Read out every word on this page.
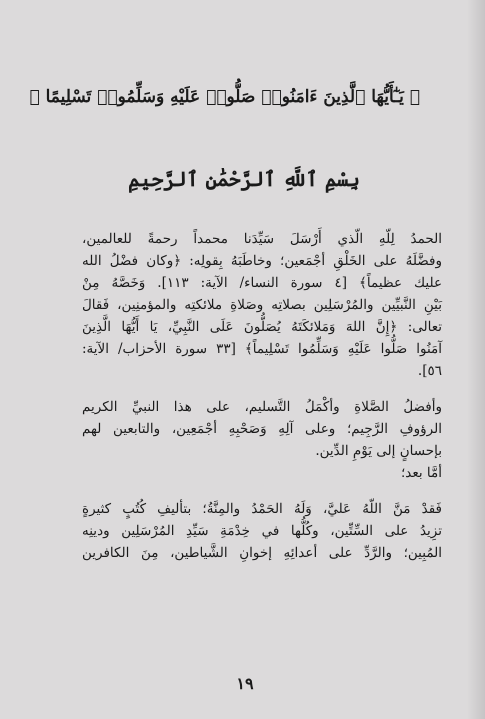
﴿ يَـٰٓأَيُّهَا ٱلَّذِينَ ءَامَنُوا۟ صَلُّوا۟ عَلَيْهِ وَسَلِّمُوا۟ تَسْلِيمًا ﴾
بِسْمِ ٱللَّهِ ٱلرَّحْمَٰنِ ٱلرَّحِيمِ
الحمدُ لِلّهِ الّذي أَرْسَلَ سَيِّدَنا محمداً رحمةً للعالمين،
وفضَّلَهُ على الخَلْقِ أجْمَعين؛ وخاطَبَهُ بِقولِه: ﴿وكان فضْلُ الله
عليك عظيماً﴾ [٤ سورة النساء/ الآية: ١١٣]. وَخَصَّهُ مِنْ
بَيْنِ النَّبيِّين والمُرْسَلِين بصلاتِه وصَلاةِ ملائكتِه والمؤمنِين، فَقالَ
تعالى: ﴿إِنَّ اللهَ وَمَلائكَتَهُ يُصَلُّونَ عَلَى النَّبِيِّ، يَا أَيُّهَا الَّذِينَ
آمَنُوا صَلُّوا عَلَيْهِ وَسَلِّمُوا تَسْلِيماً﴾ [٣٣ سورة الأحزاب/ الآية:
٥٦].
وأفضلُ الصَّلاةِ وأكْمَلُ التَّسليم، على هذا النبيِّ الكريم
الرؤوفِ الرَّجِيم؛ وعلى آلِهِ وَصَحْبِهِ أجْمَعِين، والتابعين لهم
بإحسانٍ إلى يَوْمِ الدِّين.
أمَّا بعد؛
فَقدْ مَنَّ اللّهُ عَليَّ، وَلَهُ الحَمْدُ والمِنَّةُ؛ بتأليفِ كُتُبٍ كثيرةٍ
تزِيدُ على السِّتِّين، وكُلُّها في خِدْمَةِ سَيِّدِ المُرْسَلِين ودينِه
المُبِين؛ والرَّدِّ على أعدائِهِ إخوانِ الشَّياطين، مِنَ الكافرين
١٩
